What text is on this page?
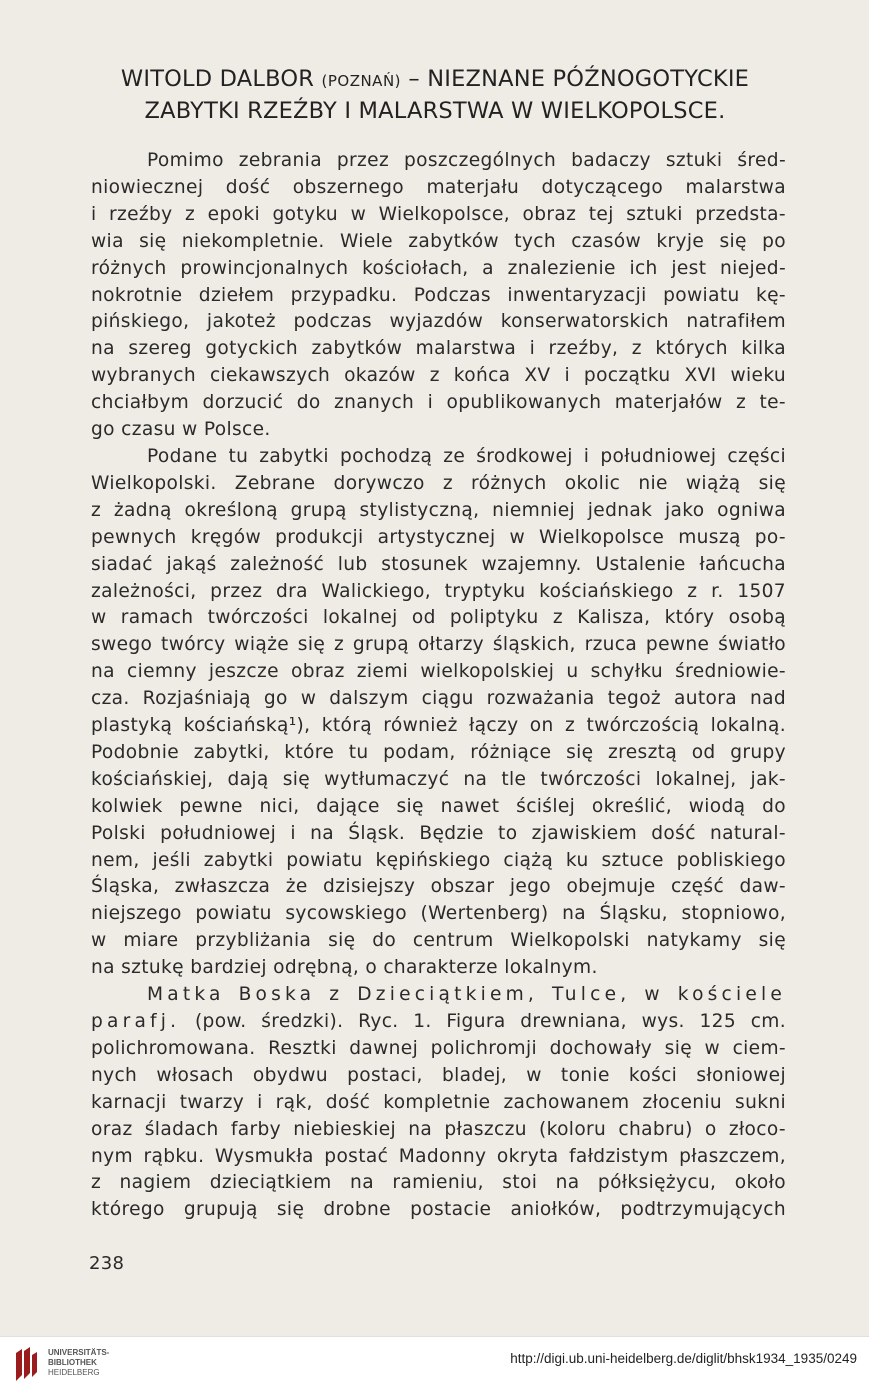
WITOLD DALBOR (POZNAŃ) – NIEZNANE PÓŹNOGOTYCKIE
ZABYTKI RZEŹBY I MALARSTWA W WIELKOPOLSCE.
Pomimo zebrania przez poszczególnych badaczy sztuki śred-
niowiecznej dość obszernego materjału dotyczącego malarstwa
i rzeźby z epoki gotyku w Wielkopolsce, obraz tej sztuki przedsta-
wia się niekompletnie. Wiele zabytków tych czasów kryje się po
różnych prowincjonalnych kościołach, a znalezienie ich jest niejed-
nokrotnie dziełem przypadku. Podczas inwentaryzacji powiatu kę-
pińskiego, jakoteż podczas wyjazdów konserwatorskich natrafiłem
na szereg gotyckich zabytków malarstwa i rzeźby, z których kilka
wybranych ciekawszych okazów z końca XV i początku XVI wieku
chciałbym dorzucić do znanych i opublikowanych materjałów z te-
go czasu w Polsce.
Podane tu zabytki pochodzą ze środkowej i południowej części
Wielkopolski. Zebrane dorywczo z różnych okolic nie wiążą się
z żadną określoną grupą stylistyczną, niemniej jednak jako ogniwa
pewnych kręgów produkcji artystycznej w Wielkopolsce muszą po-
siadać jakąś zależność lub stosunek wzajemny. Ustalenie łańcucha
zależności, przez dra Walickiego, tryptyku kościańskiego z r. 1507
w ramach twórczości lokalnej od poliptyku z Kalisza, który osobą
swego twórcy wiąże się z grupą ołtarzy śląskich, rzuca pewne światło
na ciemny jeszcze obraz ziemi wielkopolskiej u schyłku średniowie-
cza. Rozjaśniają go w dalszym ciągu rozważania tegoż autora nad
plastyką kościańską¹), którą również łączy on z twórczością lokalną.
Podobnie zabytki, które tu podam, różniące się zresztą od grupy
kościańskiej, dają się wytłumaczyć na tle twórczości lokalnej, jak-
kolwiek pewne nici, dające się nawet ściślej określić, wiodą do
Polski południowej i na Śląsk. Będzie to zjawiskiem dość natural-
nem, jeśli zabytki powiatu kępińskiego ciążą ku sztuce pobliskiego
Śląska, zwłaszcza że dzisiejszy obszar jego obejmuje część daw-
niejszego powiatu sycowskiego (Wertenberg) na Śląsku, stopniowo,
w miare przybliżania się do centrum Wielkopolski natykamy się
na sztukę bardziej odrębną, o charakterze lokalnym.
Matka Boska z Dzieciątkiem, Tulce, w kościele
parafj. (pow. średzki). Ryc. 1. Figura drewniana, wys. 125 cm.
polichromowana. Resztki dawnej polichromji dochowały się w ciem-
nych włosach obydwu postaci, bladej, w tonie kości słoniowej
karnacji twarzy i rąk, dość kompletnie zachowanem złoceniu sukni
oraz śladach farby niebieskiej na płaszczu (koloru chabru) o złoco-
nym rąbku. Wysmukła postać Madonny okryta fałdzistym płaszczem,
z nagiem dzieciątkiem na ramieniu, stoi na półksiężycu, około
którego grupują się drobne postacie aniołków, podtrzymujących
238
UNIVERSITÄTS-
BIBLIOTHEK
HEIDELBERG
http://digi.ub.uni-heidelberg.de/diglit/bhsk1934_1935/0249
